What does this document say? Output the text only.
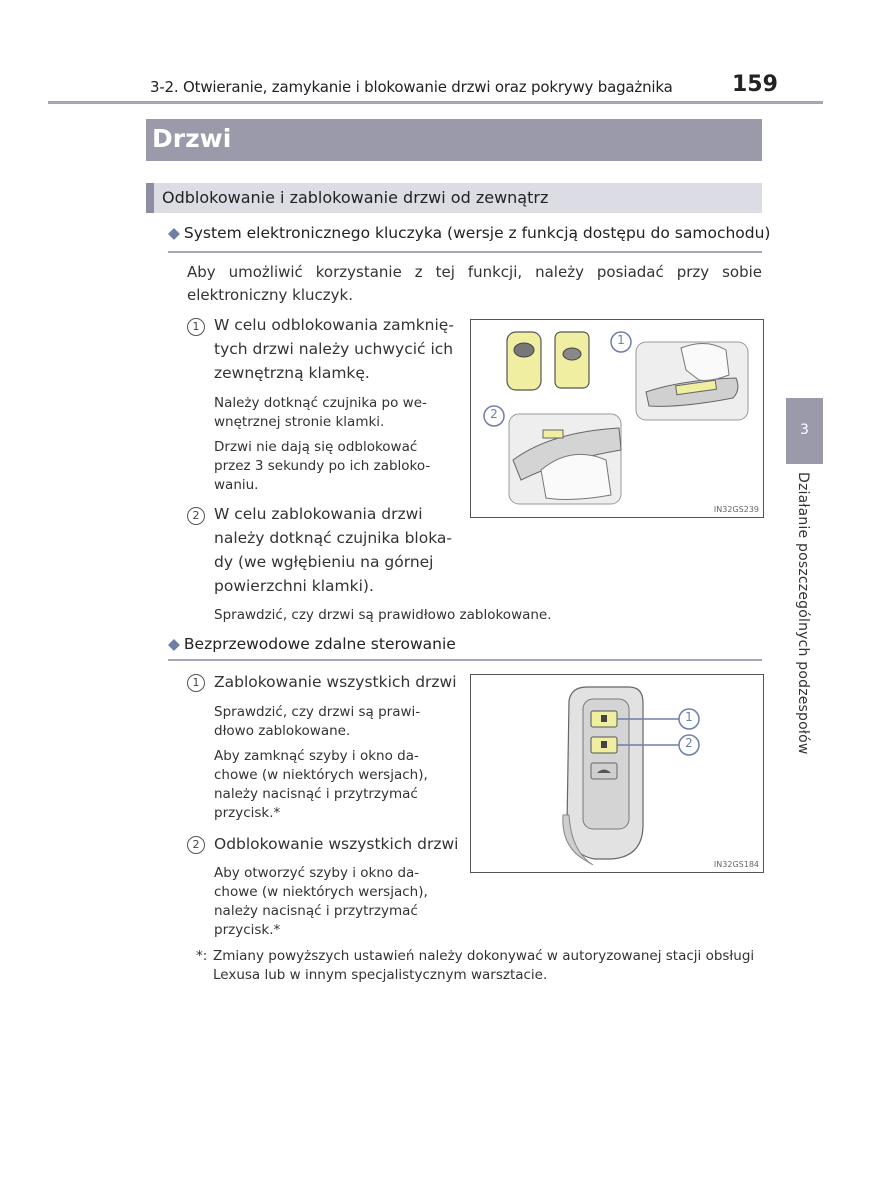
3-2. Otwieranie, zamykanie i blokowanie drzwi oraz pokrywy bagażnika	159
Drzwi
Odblokowanie i zablokowanie drzwi od zewnątrz
3
Działanie poszczególnych podzespołów
◆ System elektronicznego kluczyka (wersje z funkcją dostępu do samochodu)
Aby umożliwić korzystanie z tej funkcji, należy posiadać przy sobie elektroniczny kluczyk.
1 W celu odblokowania zamknię-
tych drzwi należy uchwycić ich
zewnętrzną klamkę.
Należy dotknąć czujnika po we-
wnętrznej stronie klamki.
Drzwi nie dają się odblokować
przez 3 sekundy po ich zabloko-
waniu.
2 W celu zablokowania drzwi
należy dotknąć czujnika bloka-
dy (we wgłębieniu na górnej
powierzchni klamki).
Sprawdzić, czy drzwi są prawidłowo zablokowane.
1
2
IN32GS239
◆ Bezprzewodowe zdalne sterowanie
1 Zablokowanie wszystkich drzwi
Sprawdzić, czy drzwi są prawi-
dłowo zablokowane.
Aby zamknąć szyby i okno da-
chowe (w niektórych wersjach),
należy nacisnąć i przytrzymać
przycisk.*
2 Odblokowanie wszystkich drzwi
Aby otworzyć szyby i okno da-
chowe (w niektórych wersjach),
należy nacisnąć i przytrzymać
przycisk.*
1
2
IN32GS184
*: Zmiany powyższych ustawień należy dokonywać w autoryzowanej stacji obsługi
Lexusa lub w innym specjalistycznym warsztacie.
